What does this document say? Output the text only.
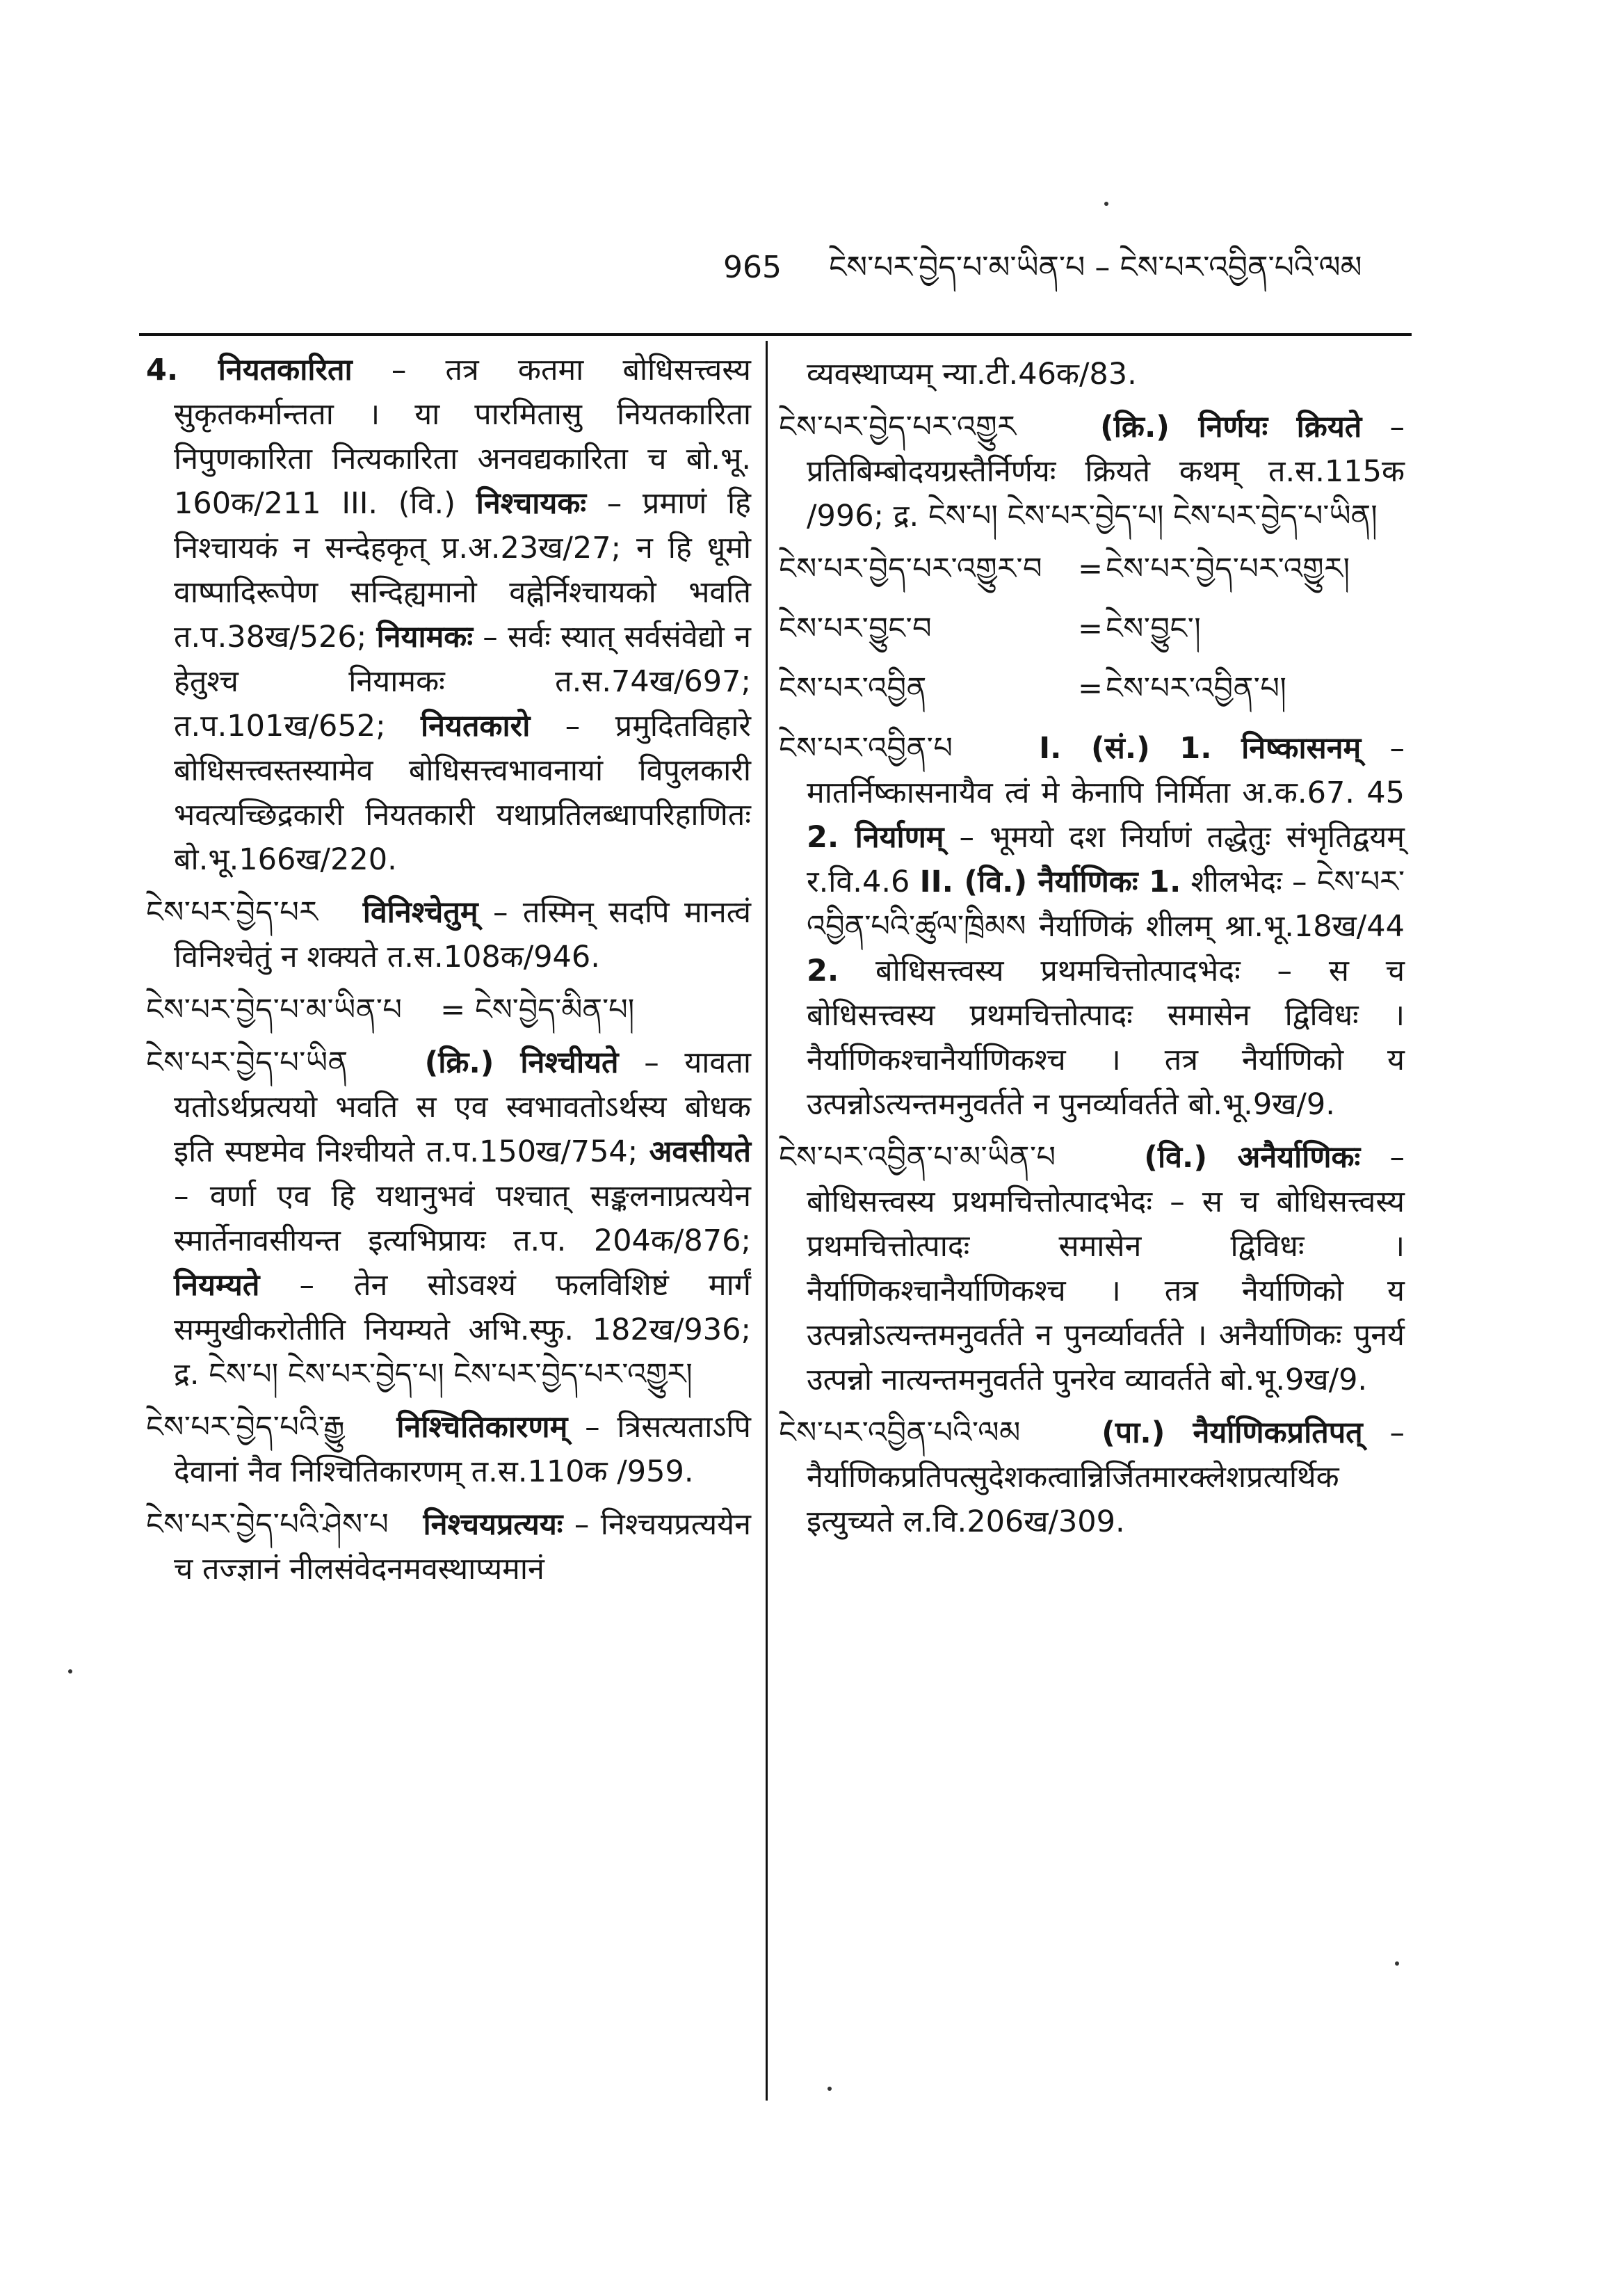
965 ངེས་པར་བྱེད་པ་མ་ཡིན་པ – ངེས་པར་འབྱིན་པའི་ལམ

4. नियतकारिता – तत्र कतमा बोधिसत्त्वस्य सुकृतकर्मान्तता । या पारमितासु नियतकारिता निपुणकारिता नित्यकारिता अनवद्यकारिता च बो.भू. 160क/211 III. (वि.) निश्चायकः – प्रमाणं हि निश्चायकं न सन्देहकृत् प्र.अ.23ख/27; न हि धूमो वाष्पादिरूपेण सन्दिह्यमानो वह्नेर्निश्चायको भवति त.प.38ख/526; नियामकः – सर्वः स्यात् सर्वसंवेद्यो न हेतुश्च नियामकः त.स.74ख/697; त.प.101ख/652; नियतकारो – प्रमुदितविहारे बोधिसत्त्वस्तस्यामेव बोधिसत्त्वभावनायां विपुलकारी भवत्यच्छिद्रकारी नियतकारी यथाप्रतिलब्धापरिहाणितः बो.भू.166ख/220.

ངེས་པར་བྱེད་པར विनिश्चेतुम् – तस्मिन् सदपि मानत्वं विनिश्चेतुं न शक्यते त.स.108क/946.

ངེས་པར་བྱེད་པ་མ་ཡིན་པ    = ངེས་བྱེད་མིན་པ།

ངེས་པར་བྱེད་པ་ཡིན	(क्रि.) निश्चीयते – यावता यतोऽर्थप्रत्ययो भवति स एव स्वभावतोऽर्थस्य बोधक इति स्पष्टमेव निश्चीयते त.प.150ख/754; अवसीयते – वर्णा एव हि यथानुभवं पश्चात् सङ्कलनाप्रत्ययेन स्मार्तेनावसीयन्त इत्यभिप्रायः त.प. 204क/876; नियम्यते – तेन सोऽवश्यं फलविशिष्टं मार्गं सम्मुखीकरोतीति नियम्यते अभि.स्फु. 182ख/936; द्र. ངེས་པ། ངེས་པར་བྱེད་པ། ངེས་པར་བྱེད་པར་འགྱུར།

ངེས་པར་བྱེད་པའི་རྒྱུ निश्चितिकारणम् – त्रिसत्यताऽपि देवानां नैव निश्चितिकारणम् त.स.110क /959.

ངེས་པར་བྱེད་པའི་ཤེས་པ निश्चयप्रत्ययः – निश्चयप्रत्ययेन च तज्ज्ञानं नीलसंवेदनमवस्थाप्यमानं

व्यवस्थाप्यम् न्या.टी.46क/83.

ངེས་པར་བྱེད་པར་འགྱུར	(क्रि.) निर्णयः क्रियते – प्रतिबिम्बोदयग्रस्तैर्निर्णयः क्रियते कथम् त.स.115क /996; द्र. ངེས་པ། ངེས་པར་བྱེད་པ། ངེས་པར་བྱེད་པ་ཡིན།

ངེས་པར་བྱེད་པར་འགྱུར་བ =ངེས་པར་བྱེད་པར་འགྱུར།
ངེས་པར་བྱུང་བ	=ངེས་བྱུང་།
ངེས་པར་འབྱིན	=ངེས་པར་འབྱིན་པ།

ངེས་པར་འབྱིན་པ	I. (सं.) 1. निष्कासनम् – मातर्निष्कासनायैव त्वं मे केनापि निर्मिता अ.क.67. 45 2. निर्याणम् – भूमयो दश निर्याणं तद्धेतुः संभृतिद्वयम् र.वि.4.6 II. (वि.) नैर्याणिकः 1. शीलभेदः – ངེས་པར་འབྱིན་པའི་ཚུལ་ཁྲིམས नैर्याणिकं शीलम् श्रा.भू.18ख/44 2. बोधिसत्त्वस्य प्रथमचित्तोत्पादभेदः – स च बोधिसत्त्वस्य प्रथमचित्तोत्पादः समासेन द्विविधः । नैर्याणिकश्चानैर्याणिकश्च । तत्र नैर्याणिको य उत्पन्नोऽत्यन्तमनुवर्तते न पुनर्व्यावर्तते बो.भू.9ख/9.

ངེས་པར་འབྱིན་པ་མ་ཡིན་པ	(वि.) अनैर्याणिकः – बोधिसत्त्वस्य प्रथमचित्तोत्पादभेदः – स च बोधिसत्त्वस्य प्रथमचित्तोत्पादः समासेन द्विविधः । नैर्याणिकश्चानैर्याणिकश्च । तत्र नैर्याणिको य उत्पन्नोऽत्यन्तमनुवर्तते न पुनर्व्यावर्तते । अनैर्याणिकः पुनर्य उत्पन्नो नात्यन्तमनुवर्तते पुनरेव व्यावर्तते बो.भू.9ख/9.

ངེས་པར་འབྱིན་པའི་ལམ	(पा.) नैर्याणिकप्रतिपत् – नैर्याणिकप्रतिपत्सुदेशकत्वान्निर्जितमारक्लेशप्रत्यर्थिक इत्युच्यते ल.वि.206ख/309.
